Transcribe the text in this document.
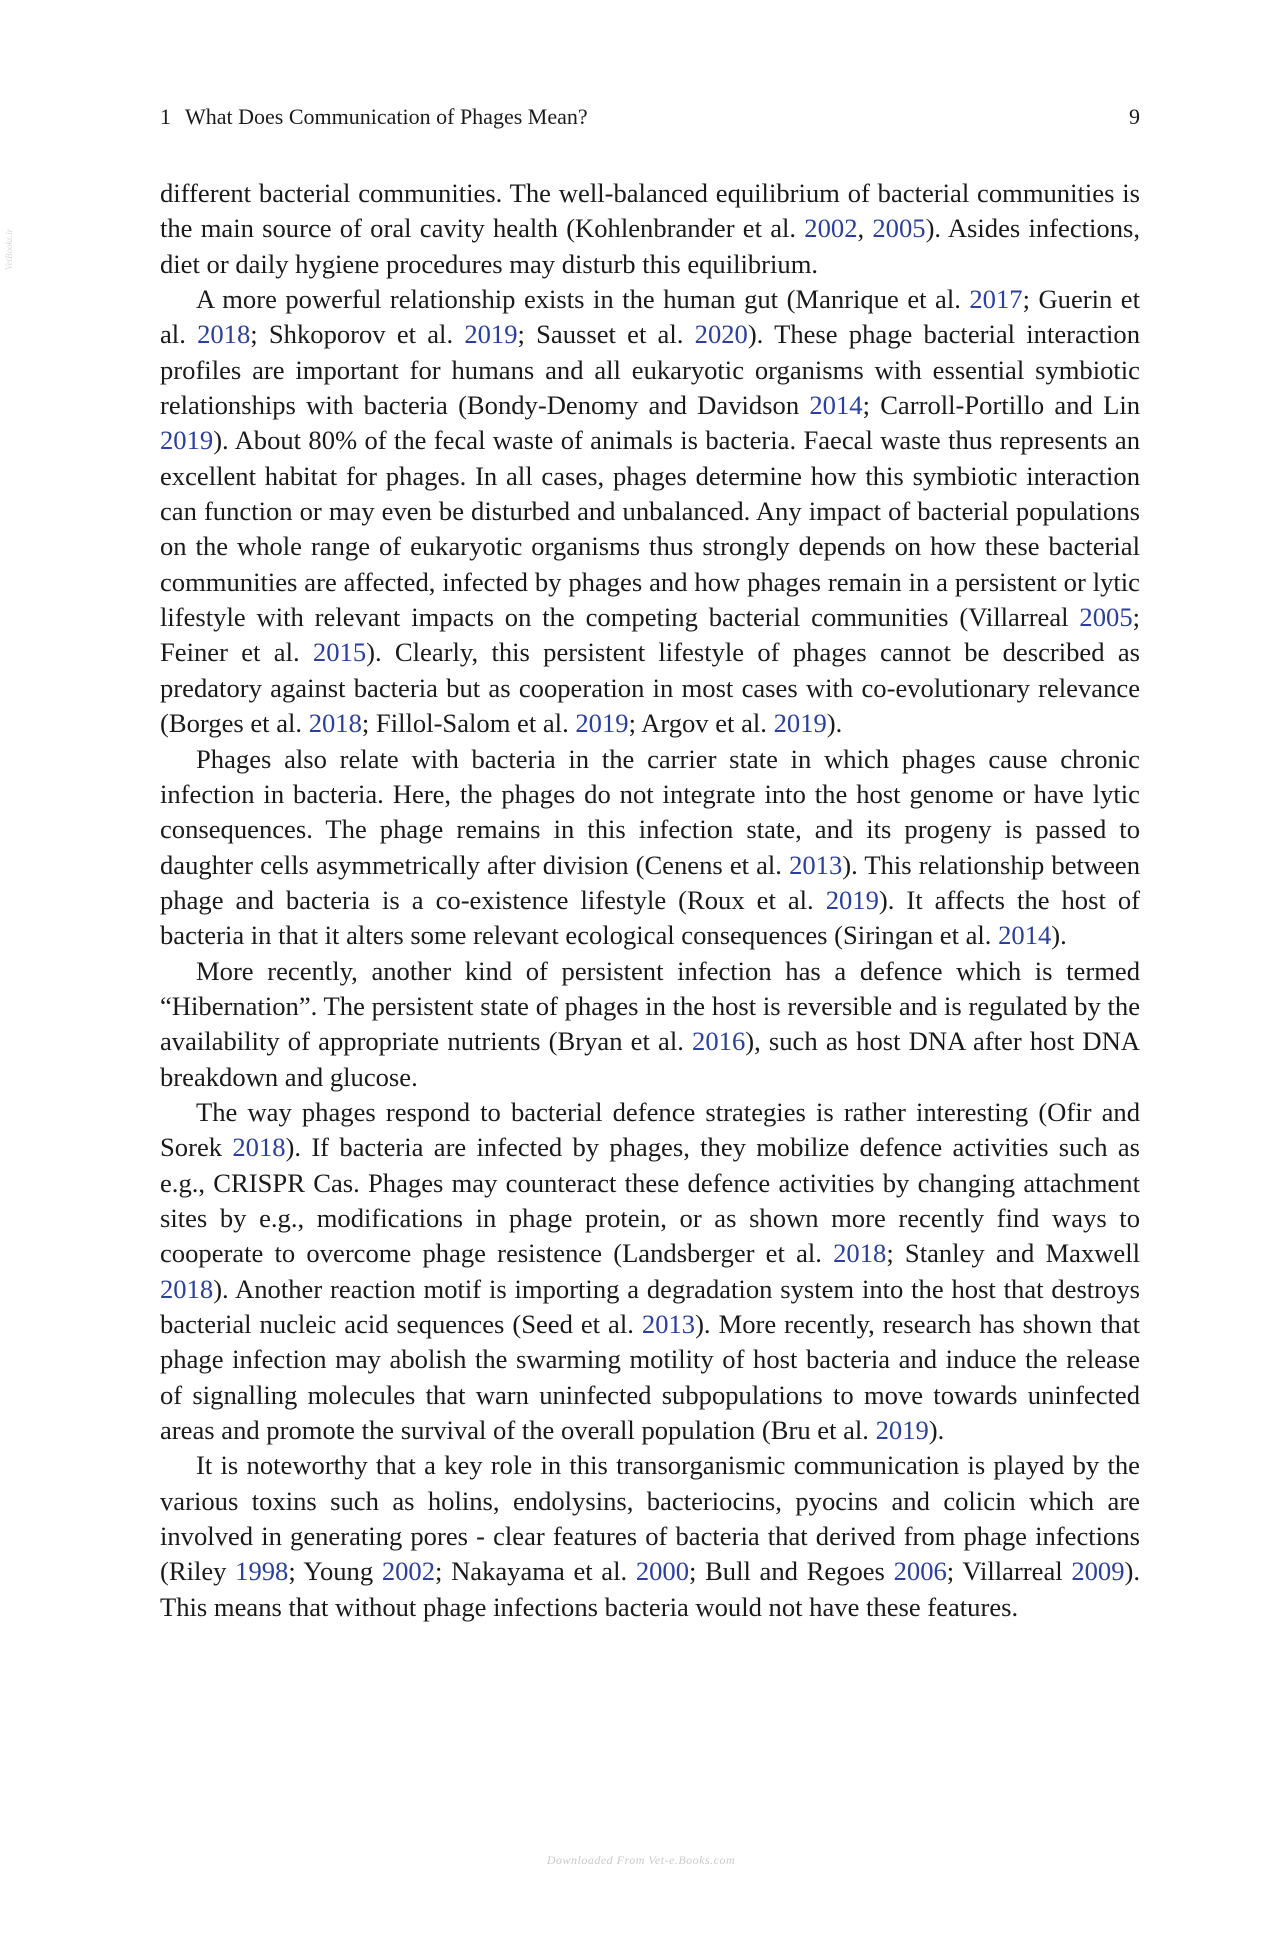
VetBooks.ir
1 What Does Communication of Phages Mean?	9

different bacterial communities. The well-balanced equilibrium of bacterial communities is the main source of oral cavity health (Kohlenbrander et al. 2002, 2005). Asides infections, diet or daily hygiene procedures may disturb this equilibrium.

A more powerful relationship exists in the human gut (Manrique et al. 2017; Guerin et al. 2018; Shkoporov et al. 2019; Sausset et al. 2020). These phage bacterial interaction profiles are important for humans and all eukaryotic organisms with essential symbiotic relationships with bacteria (Bondy-Denomy and Davidson 2014; Carroll-Portillo and Lin 2019). About 80% of the fecal waste of animals is bacteria. Faecal waste thus represents an excellent habitat for phages. In all cases, phages determine how this symbiotic interaction can function or may even be disturbed and unbalanced. Any impact of bacterial populations on the whole range of eukaryotic organisms thus strongly depends on how these bacterial communities are affected, infected by phages and how phages remain in a persistent or lytic lifestyle with relevant impacts on the competing bacterial communities (Villarreal 2005; Feiner et al. 2015). Clearly, this persistent lifestyle of phages cannot be described as predatory against bacteria but as cooperation in most cases with co-evolutionary relevance (Borges et al. 2018; Fillol-Salom et al. 2019; Argov et al. 2019).

Phages also relate with bacteria in the carrier state in which phages cause chronic infection in bacteria. Here, the phages do not integrate into the host genome or have lytic consequences. The phage remains in this infection state, and its progeny is passed to daughter cells asymmetrically after division (Cenens et al. 2013). This relationship between phage and bacteria is a co-existence lifestyle (Roux et al. 2019). It affects the host of bacteria in that it alters some relevant ecological consequences (Siringan et al. 2014).

More recently, another kind of persistent infection has a defence which is termed “Hibernation”. The persistent state of phages in the host is reversible and is regulated by the availability of appropriate nutrients (Bryan et al. 2016), such as host DNA after host DNA breakdown and glucose.

The way phages respond to bacterial defence strategies is rather interesting (Ofir and Sorek 2018). If bacteria are infected by phages, they mobilize defence activities such as e.g., CRISPR Cas. Phages may counteract these defence activities by changing attachment sites by e.g., modifications in phage protein, or as shown more recently find ways to cooperate to overcome phage resistence (Landsberger et al. 2018; Stanley and Maxwell 2018). Another reaction motif is importing a degradation system into the host that destroys bacterial nucleic acid sequences (Seed et al. 2013). More recently, research has shown that phage infection may abolish the swarming motility of host bacteria and induce the release of signalling molecules that warn uninfected subpopulations to move towards uninfected areas and promote the survival of the overall population (Bru et al. 2019).

It is noteworthy that a key role in this transorganismic communication is played by the various toxins such as holins, endolysins, bacteriocins, pyocins and colicin which are involved in generating pores - clear features of bacteria that derived from phage infections (Riley 1998; Young 2002; Nakayama et al. 2000; Bull and Regoes 2006; Villarreal 2009). This means that without phage infections bacteria would not have these features.

Downloaded From Vet-e.Books.com
